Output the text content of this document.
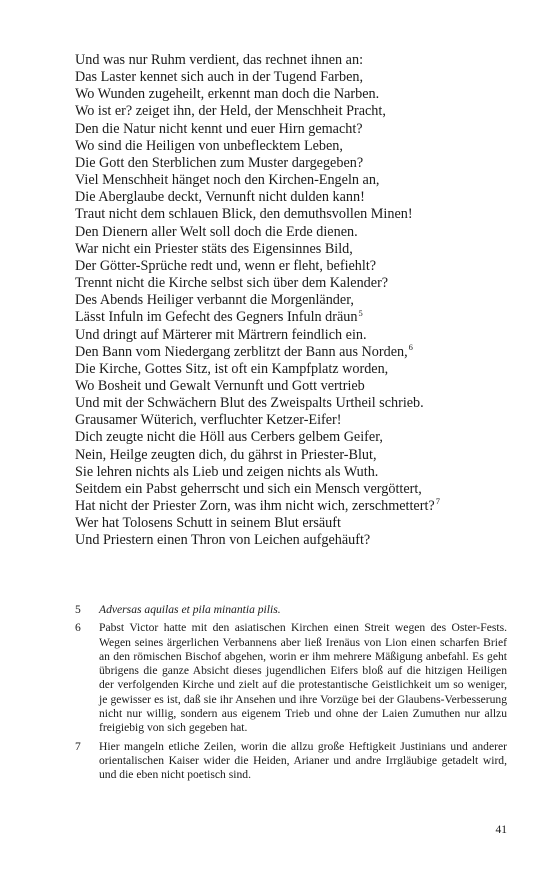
Und was nur Ruhm verdient, das rechnet ihnen an:
Das Laster kennet sich auch in der Tugend Farben,
Wo Wunden zugeheilt, erkennt man doch die Narben.
Wo ist er? zeiget ihn, der Held, der Menschheit Pracht,
Den die Natur nicht kennt und euer Hirn gemacht?
Wo sind die Heiligen von unbeflecktem Leben,
Die Gott den Sterblichen zum Muster dargegeben?
Viel Menschheit hänget noch den Kirchen-Engeln an,
Die Aberglaube deckt, Vernunft nicht dulden kann!
Traut nicht dem schlauen Blick, den demuthsvollen Minen!
Den Dienern aller Welt soll doch die Erde dienen.
War nicht ein Priester stäts des Eigensinnes Bild,
Der Götter-Sprüche redt und, wenn er fleht, befiehlt?
Trennt nicht die Kirche selbst sich über dem Kalender?
Des Abends Heiliger verbannt die Morgenländer,
Lässt Infuln im Gefecht des Gegners Infuln dräun$^5$
Und dringt auf Märterer mit Märtrern feindlich ein.
Den Bann vom Niedergang zerblitzt der Bann aus Norden,$^6$
Die Kirche, Gottes Sitz, ist oft ein Kampfplatz worden,
Wo Bosheit und Gewalt Vernunft und Gott vertrieb
Und mit der Schwächern Blut des Zweispalts Urtheil schrieb.
Grausamer Wüterich, verfluchter Ketzer-Eifer!
Dich zeugte nicht die Höll aus Cerbers gelbem Geifer,
Nein, Heilge zeugten dich, du gährst in Priester-Blut,
Sie lehren nichts als Lieb und zeigen nichts als Wuth.
Seitdem ein Pabst geherrscht und sich ein Mensch vergöttert,
Hat nicht der Priester Zorn, was ihm nicht wich, zerschmettert?$^7$
Wer hat Tolosens Schutt in seinem Blut ersäuft
Und Priestern einen Thron von Leichen aufgehäuft?
5	Adversas aquilas et pila minantia pilis.
6	Pabst Victor hatte mit den asiatischen Kirchen einen Streit wegen des Oster-Fests. Wegen seines ärgerlichen Verbannens aber ließ Irenäus von Lion einen scharfen Brief an den römischen Bischof abgehen, worin er ihm mehrere Mäßigung anbefahl. Es geht übrigens die ganze Absicht dieses jugendlichen Eifers bloß auf die hitzigen Heiligen der verfolgenden Kirche und zielt auf die protestantische Geistlichkeit um so weniger, je gewisser es ist, daß sie ihr Ansehen und ihre Vorzüge bei der Glaubens-Verbesserung nicht nur willig, sondern aus eigenem Trieb und ohne der Laien Zumuthen nur allzu freigiebig von sich gegeben hat.
7	Hier mangeln etliche Zeilen, worin die allzu große Heftigkeit Justinians und anderer orientalischen Kaiser wider die Heiden, Arianer und andre Irrgläubige getadelt wird, und die eben nicht poetisch sind.
41
